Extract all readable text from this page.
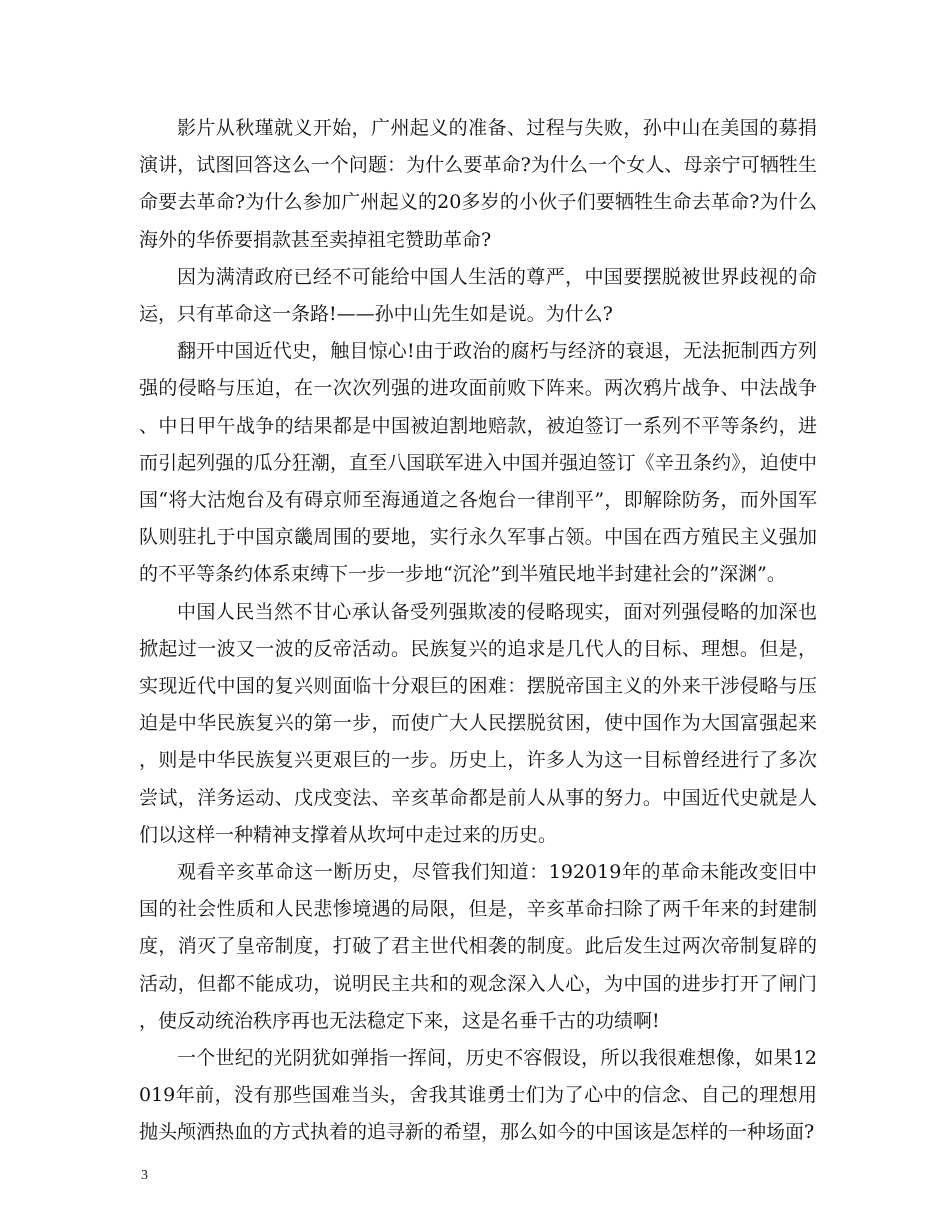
影片从秋瑾就义开始，广州起义的准备、过程与失败，孙中山在美国的募捐演讲，试图回答这么一个问题：为什么要革命?为什么一个女人、母亲宁可牺牲生命要去革命?为什么参加广州起义的20多岁的小伙子们要牺牲生命去革命?为什么海外的华侨要捐款甚至卖掉祖宅赞助革命?

因为满清政府已经不可能给中国人生活的尊严，中国要摆脱被世界歧视的命运，只有革命这一条路!——孙中山先生如是说。为什么?

翻开中国近代史，触目惊心!由于政治的腐朽与经济的衰退，无法扼制西方列强的侵略与压迫，在一次次列强的进攻面前败下阵来。两次鸦片战争、中法战争、中日甲午战争的结果都是中国被迫割地赔款，被迫签订一系列不平等条约，进而引起列强的瓜分狂潮，直至八国联军进入中国并强迫签订《辛丑条约》，迫使中国“将大沽炮台及有碍京师至海通道之各炮台一律削平”，即解除防务，而外国军队则驻扎于中国京畿周围的要地，实行永久军事占领。中国在西方殖民主义强加的不平等条约体系束缚下一步一步地“沉沦”到半殖民地半封建社会的”深渊”。

中国人民当然不甘心承认备受列强欺凌的侵略现实，面对列强侵略的加深也掀起过一波又一波的反帝活动。民族复兴的追求是几代人的目标、理想。但是，实现近代中国的复兴则面临十分艰巨的困难：摆脱帝国主义的外来干涉侵略与压迫是中华民族复兴的第一步，而使广大人民摆脱贫困，使中国作为大国富强起来，则是中华民族复兴更艰巨的一步。历史上，许多人为这一目标曾经进行了多次尝试，洋务运动、戊戌变法、辛亥革命都是前人从事的努力。中国近代史就是人们以这样一种精神支撑着从坎坷中走过来的历史。

观看辛亥革命这一断历史，尽管我们知道：192019年的革命未能改变旧中国的社会性质和人民悲惨境遇的局限，但是，辛亥革命扫除了两千年来的封建制度，消灭了皇帝制度，打破了君主世代相袭的制度。此后发生过两次帝制复辟的活动，但都不能成功，说明民主共和的观念深入人心，为中国的进步打开了闸门，使反动统治秩序再也无法稳定下来，这是名垂千古的功绩啊!

一个世纪的光阴犹如弹指一挥间，历史不容假设，所以我很难想像，如果12019年前，没有那些国难当头，舍我其谁勇士们为了心中的信念、自己的理想用抛头颅洒热血的方式执着的追寻新的希望，那么如今的中国该是怎样的一种场面?

3
